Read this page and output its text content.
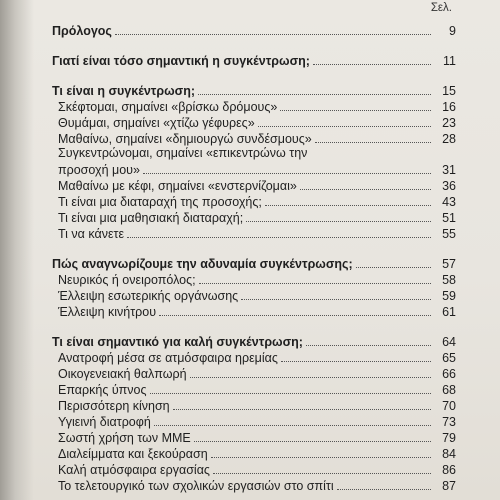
Σελ.
Πρόλογος	9
Γιατί είναι τόσο σημαντική η συγκέντρωση;	11
Τι είναι η συγκέντρωση;	15
Σκέφτομαι, σημαίνει «βρίσκω δρόμους»	16
Θυμάμαι, σημαίνει «χτίζω γέφυρες»	23
Μαθαίνω, σημαίνει «δημιουργώ συνδέσμους»	28
Συγκεντρώνομαι, σημαίνει «επικεντρώνω την
προσοχή μου»	31
Μαθαίνω με κέφι, σημαίνει «ενστερνίζομαι»	36
Τι είναι μια διαταραχή της προσοχής;	43
Τι είναι μια μαθησιακή διαταραχή;	51
Τι να κάνετε	55
Πώς αναγνωρίζουμε την αδυναμία συγκέντρωσης;	57
Νευρικός ή ονειροπόλος;	58
Έλλειψη εσωτερικής οργάνωσης	59
Έλλειψη κινήτρου	61
Τι είναι σημαντικό για καλή συγκέντρωση;	64
Ανατροφή μέσα σε ατμόσφαιρα ηρεμίας	65
Οικογενειακή θαλπωρή	66
Επαρκής ύπνος	68
Περισσότερη κίνηση	70
Υγιεινή διατροφή	73
Σωστή χρήση των ΜΜΕ	79
Διαλείμματα και ξεκούραση	84
Καλή ατμόσφαιρα εργασίας	86
Το τελετουργικό των σχολικών εργασιών στο σπίτι	87
